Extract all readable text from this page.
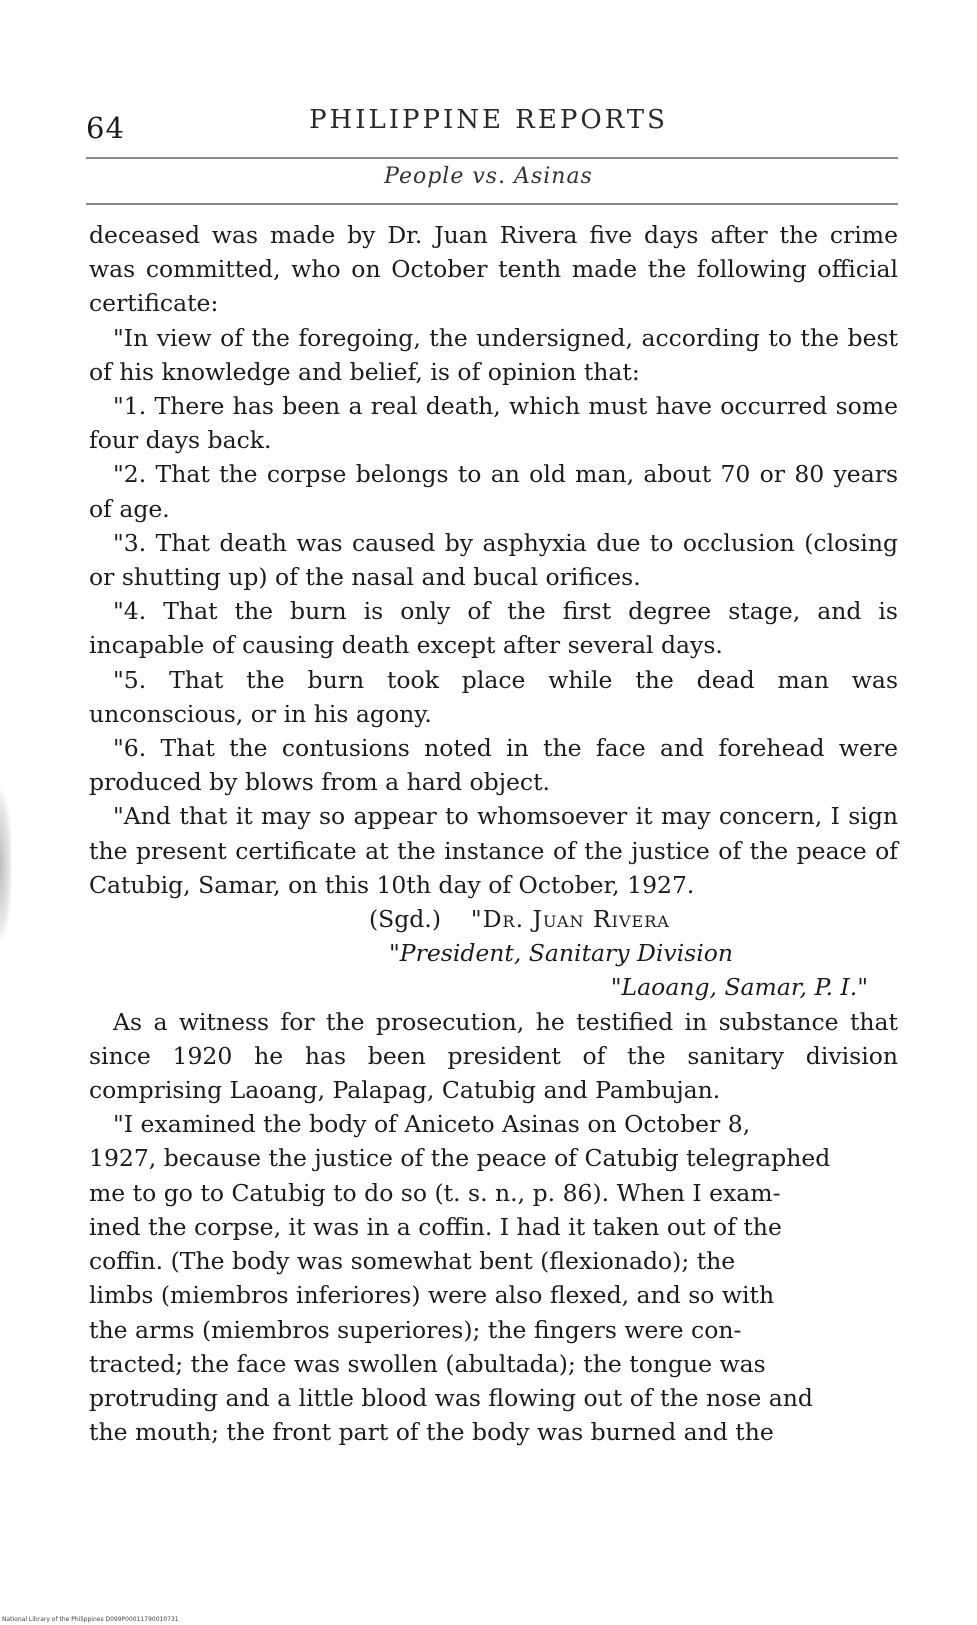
64	PHILIPPINE REPORTS
People vs. Asinas

deceased was made by Dr. Juan Rivera five days after the crime was committed, who on October tenth made the following official certificate:

"In view of the foregoing, the undersigned, according to the best of his knowledge and belief, is of opinion that:

"1. There has been a real death, which must have occurred some four days back.

"2. That the corpse belongs to an old man, about 70 or 80 years of age.

"3. That death was caused by asphyxia due to occlusion (closing or shutting up) of the nasal and bucal orifices.

"4. That the burn is only of the first degree stage, and is incapable of causing death except after several days.

"5. That the burn took place while the dead man was unconscious, or in his agony.

"6. That the contusions noted in the face and forehead were produced by blows from a hard object.

"And that it may so appear to whomsoever it may concern, I sign the present certificate at the instance of the justice of the peace of Catubig, Samar, on this 10th day of October, 1927.

(Sgd.) "Dr. Juan Rivera

"President, Sanitary Division

"Laoang, Samar, P. I."

As a witness for the prosecution, he testified in substance that since 1920 he has been president of the sanitary division comprising Laoang, Palapag, Catubig and Pambujan.

"I examined the body of Aniceto Asinas on October 8,
1927, because the justice of the peace of Catubig telegraphed
me to go to Catubig to do so (t. s. n., p. 86). When I exam-
ined the corpse, it was in a coffin. I had it taken out of the
coffin. (The body was somewhat bent (flexionado); the
limbs (miembros inferiores) were also flexed, and so with
the arms (miembros superiores); the fingers were con-
tracted; the face was swollen (abultada); the tongue was
protruding and a little blood was flowing out of the nose and
the mouth; the front part of the body was burned and the

National Library of the Philippines D099P00011790010731
